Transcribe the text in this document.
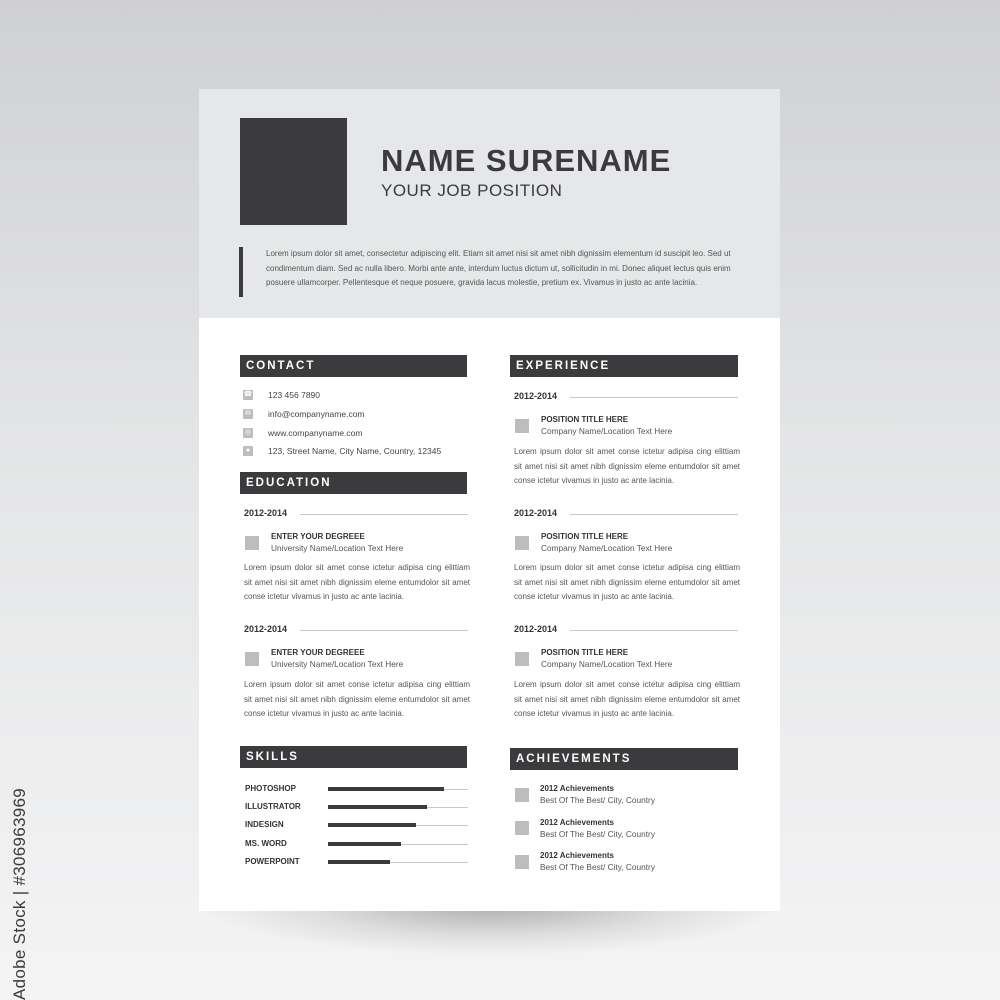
NAME SURENAME
YOUR JOB POSITION
Lorem ipsum dolor sit amet, consectetur adipiscing elit. Etiam sit amet nisi sit amet nibh dignissim elementum id suscipit leo. Sed ut condimentum diam. Sed ac nulla libero. Morbi ante ante, interdum luctus dictum ut, sollicitudin in mi. Donec aliquet lectus quis enim posuere ullamcorper. Pellentesque et neque posuere, gravida lacus molestie, pretium ex. Vivamus in justo ac ante lacinia.
CONTACT
☎ 123 456 7890
✉ info@companyname.com
◎ www.companyname.com
●	123, Street Name, City Name, Country, 12345
EDUCATION
2012-2014
ENTER YOUR DEGREEE
University Name/Location Text Here
Lorem ipsum dolor sit amet conse ictetur adipisa cing elittiam sit amet nisi sit amet nibh dignissim eleme entumdolor sit amet conse ictetur vivamus in justo ac ante lacinia.
2012-2014
ENTER YOUR DEGREEE
University Name/Location Text Here
Lorem ipsum dolor sit amet conse ictetur adipisa cing elittiam sit amet nisi sit amet nibh dignissim eleme entumdolor sit amet conse ictetur vivamus in justo ac ante lacinia.
SKILLS
PHOTOSHOP
ILLUSTRATOR
INDESIGN
MS. WORD
POWERPOINT
EXPERIENCE
2012-2014
POSITION TITLE HERE
Company Name/Location Text Here
Lorem ipsum dolor sit amet conse ictetur adipisa cing elittiam sit amet nisi sit amet nibh dignissim eleme entumdolor sit amet conse ictetur vivamus in justo ac ante lacinia.
2012-2014
POSITION TITLE HERE
Company Name/Location Text Here
Lorem ipsum dolor sit amet conse ictetur adipisa cing elittiam sit amet nisi sit amet nibh dignissim eleme entumdolor sit amet conse ictetur vivamus in justo ac ante lacinia.
2012-2014
POSITION TITLE HERE
Company Name/Location Text Here
Lorem ipsum dolor sit amet conse ictetur adipisa cing elittiam sit amet nisi sit amet nibh dignissim eleme entumdolor sit amet conse ictetur vivamus in justo ac ante lacinia.
ACHIEVEMENTS
2012 Achievements
Best Of The Best/ City, Country
2012 Achievements
Best Of The Best/ City, Country
2012 Achievements
Best Of The Best/ City, Country
Adobe Stock | #306963969
